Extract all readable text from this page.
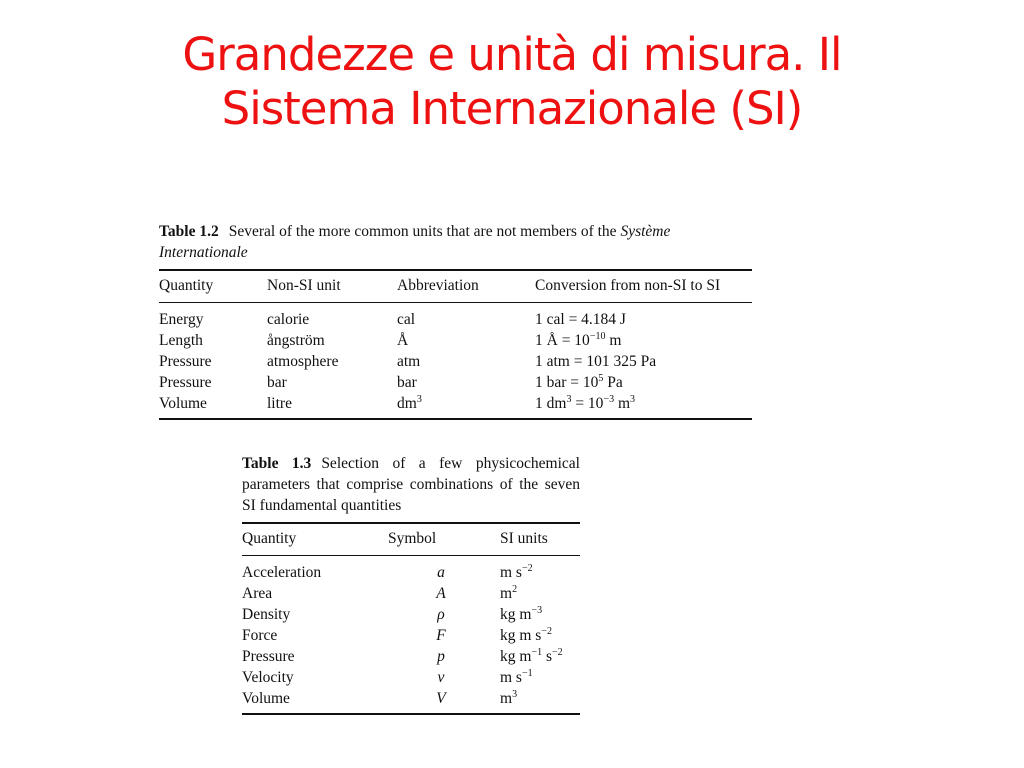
Grandezze e unità di misura. Il
Sistema Internazionale (SI)
Table 1.2 Several of the more common units that are not members of the Système Internationale
Quantity	Non-SI unit	Abbreviation	Conversion from non-SI to SI
Energy	calorie	cal	1 cal = 4.184 J
Length	ångström	Å	1 Å = $10^{-10}$ m
Pressure	atmosphere	atm	1 atm = 101 325 Pa
Pressure	bar	bar	1 bar = $10^5$ Pa
Volume	litre	$dm^3$	1 $dm^3 = 10^{-3}$ $m^3$
Table 1.3 Selection of a few physicochemical parameters that comprise combinations of the seven SI fundamental quantities
Quantity	Symbol	SI units
Acceleration	a	m $s^{-2}$
Area	A	$m^2$
Density	ρ	kg $m^{-3}$
Force	F	kg m $s^{-2}$
Pressure	p	kg $m^{-1}$ $s^{-2}$
Velocity	v	m $s^{-1}$
Volume	V	$m^3$
